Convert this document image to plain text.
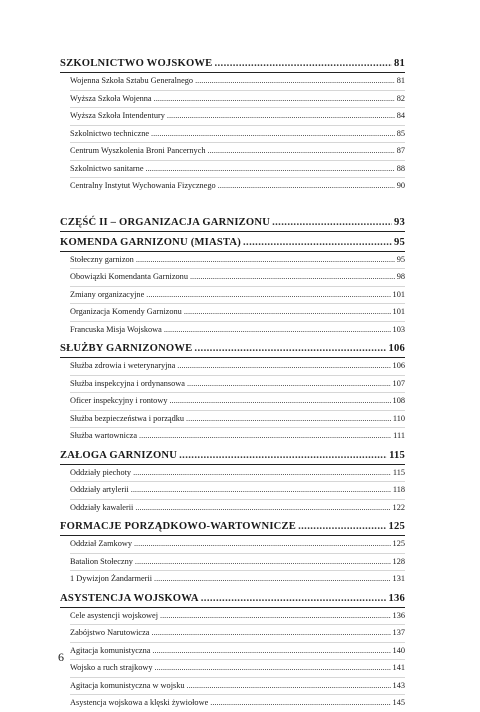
SZKOLNICTWO WOJSKOWE .....	81
Wojenna Szkoła Sztabu Generalnego .....	81
Wyższa Szkoła Wojenna .....	82
Wyższa Szkoła Intendentury .....	84
Szkolnictwo techniczne .....	85
Centrum Wyszkolenia Broni Pancernych .....	87
Szkolnictwo sanitarne .....	88
Centralny Instytut Wychowania Fizycznego .....	90
CZĘŚĆ II – ORGANIZACJA GARNIZONU .....	93
KOMENDA GARNIZONU (MIASTA) .....	95
Stołeczny garnizon .....	95
Obowiązki Komendanta Garnizonu .....	98
Zmiany organizacyjne .....	101
Organizacja Komendy Garnizonu .....	101
Francuska Misja Wojskowa .....	103
SŁUŻBY GARNIZONOWE .....	106
Służba zdrowia i weterynaryjna .....	106
Służba inspekcyjna i ordynansowa .....	107
Oficer inspekcyjny i rontowy .....	108
Służba bezpieczeństwa i porządku .....	110
Służba wartownicza .....	111
ZAŁOGA GARNIZONU .....	115
Oddziały piechoty .....	115
Oddziały artylerii .....	118
Oddziały kawalerii .....	122
FORMACJE PORZĄDKOWO-WARTOWNICZE .....	125
Oddział Zamkowy .....	125
Batalion Stołeczny .....	128
1 Dywizjon Żandarmerii .....	131
ASYSTENCJA WOJSKOWA .....	136
Cele asystencji wojskowej .....	136
Zabójstwo Narutowicza .....	137
Agitacja komunistyczna .....	140
Wojsko a ruch strajkowy .....	141
Agitacja komunistyczna w wojsku .....	143
Asystencja wojskowa a klęski żywiołowe .....	145
6
